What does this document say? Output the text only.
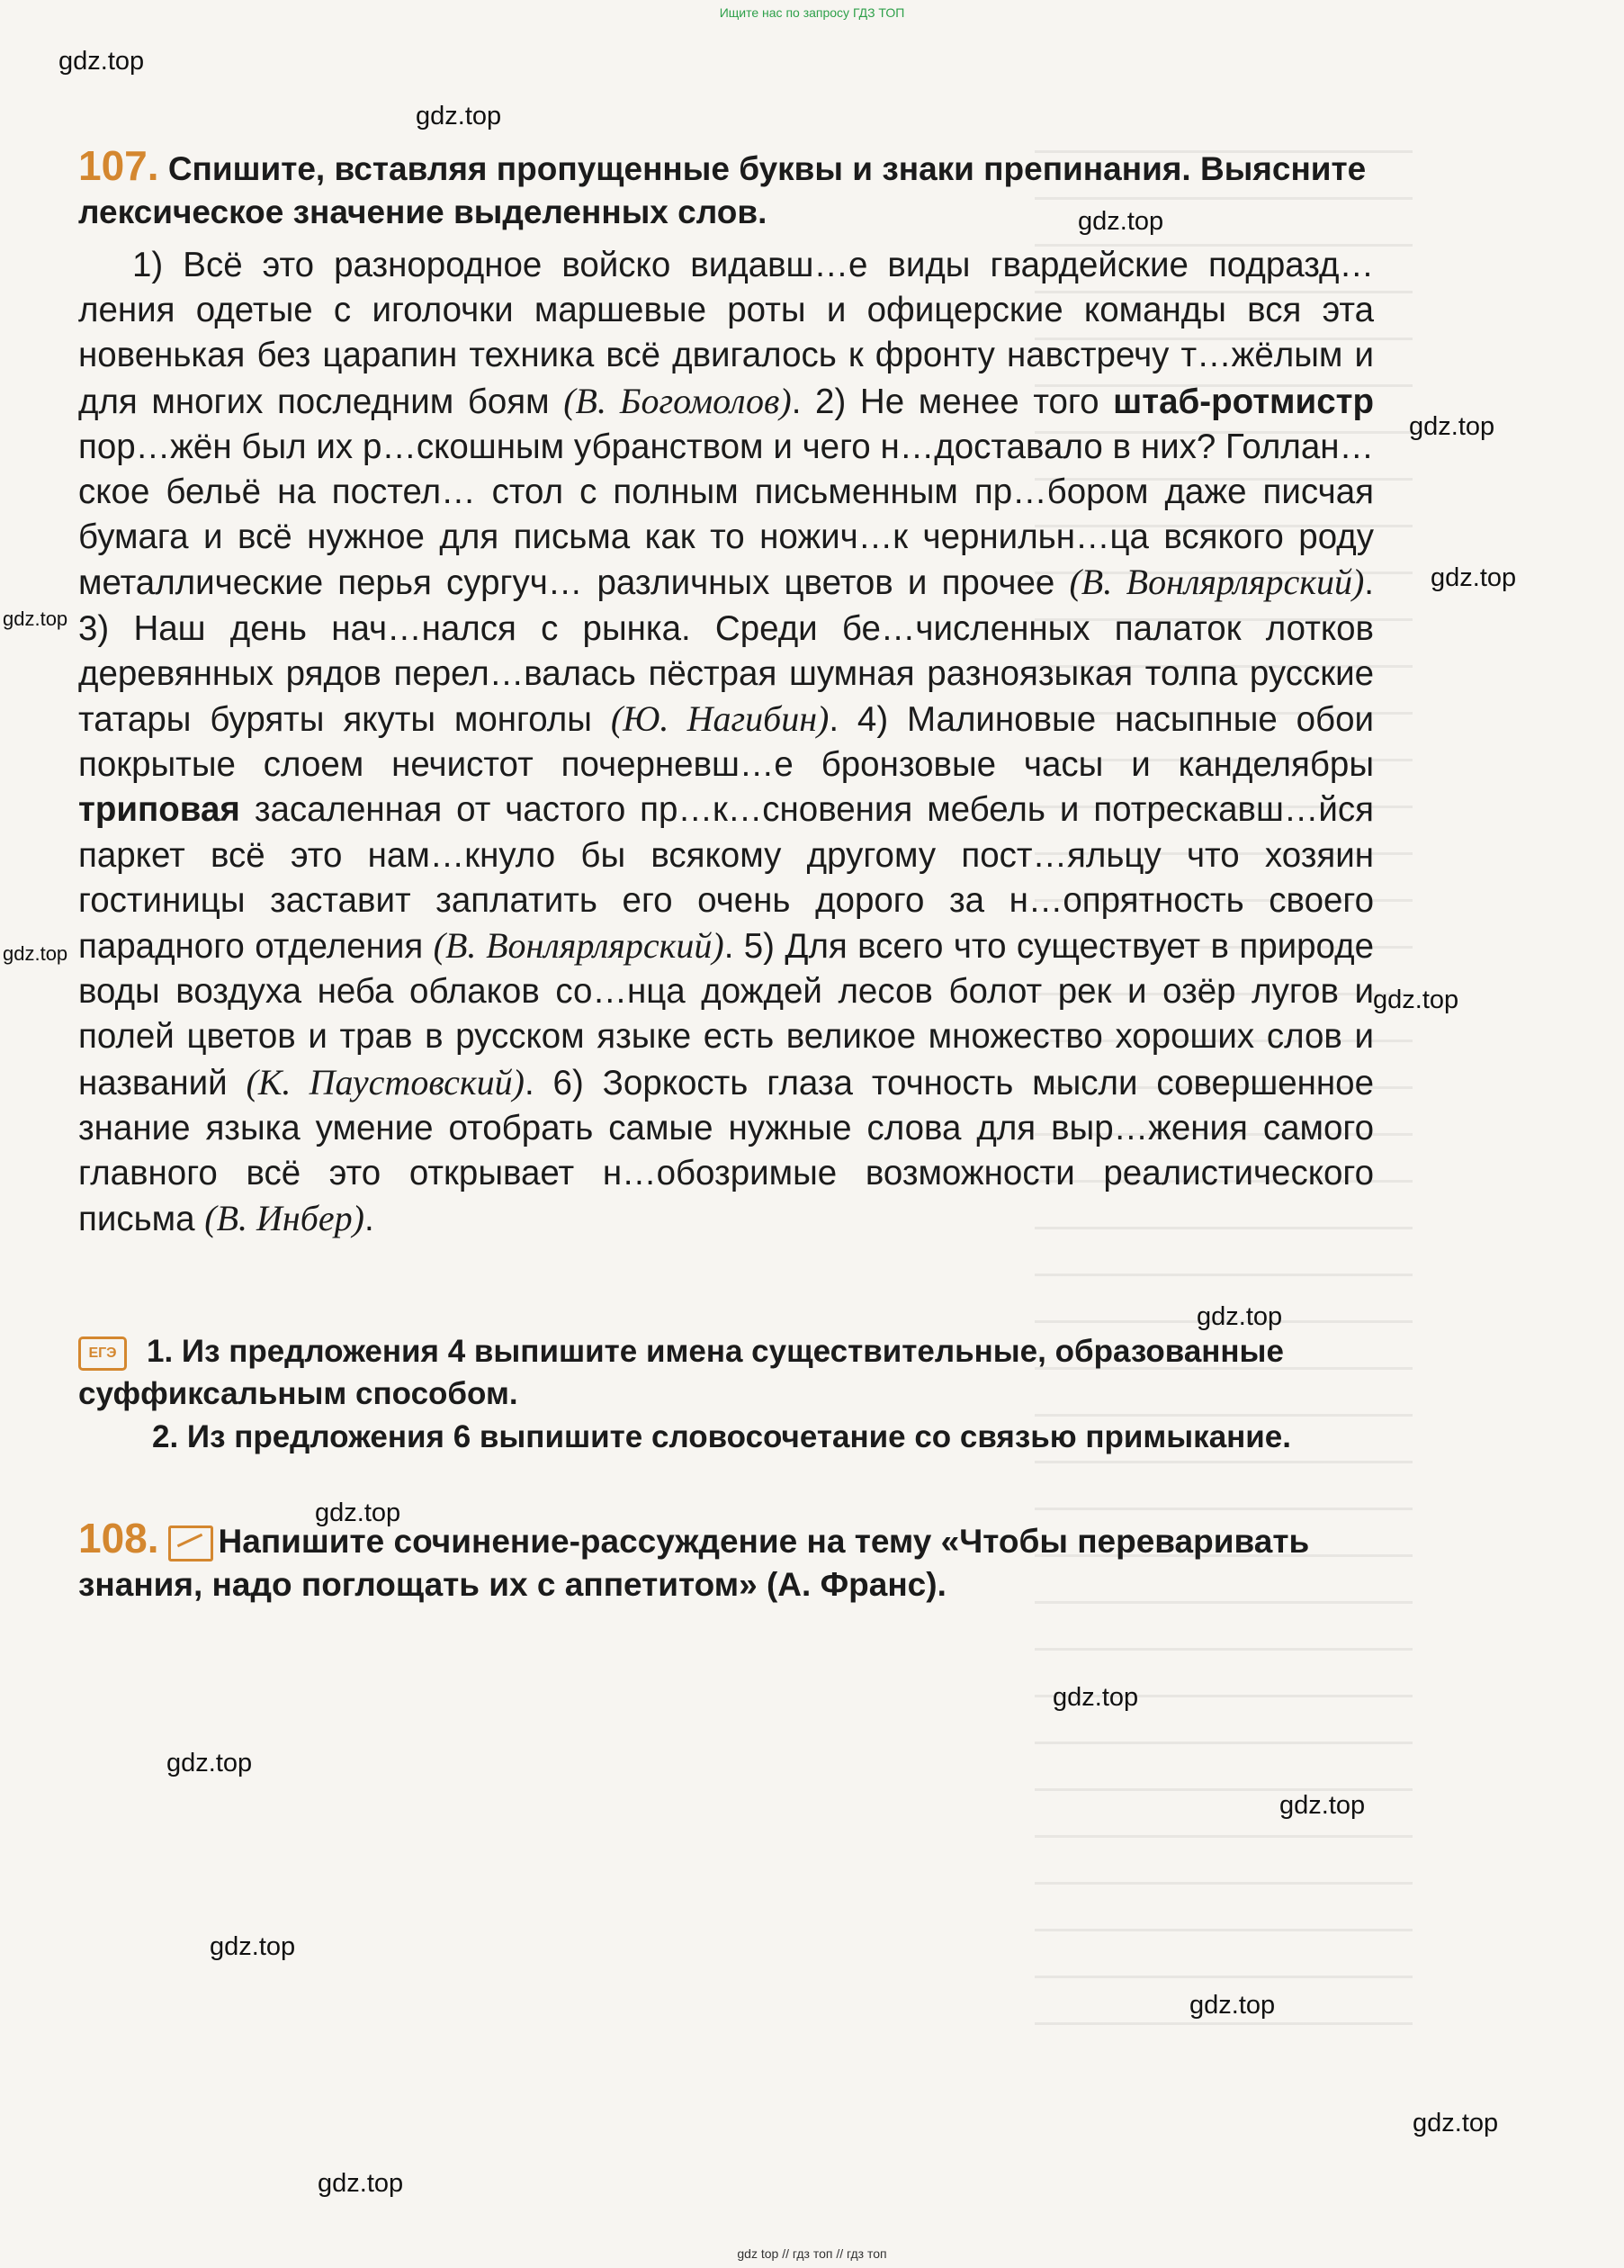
Ищите нас по запросу ГДЗ ТОП
gdz.top
gdz.top
gdz.top
gdz.top
gdz.top
gdz.top
gdz.top
gdz.top
gdz.top
gdz.top
gdz.top
gdz.top
gdz.top
gdz.top
gdz.top
gdz.top
gdz.top
107. Спишите, вставляя пропущенные буквы и знаки препинания. Выясните лексическое значение выделенных слов.

1) Всё это разнородное войско видавш…е виды гвардейские подразд…ления одетые с иголочки маршевые роты и офицерские команды вся эта новенькая без царапин техника всё двигалось к фронту навстречу т…жёлым и для многих последним боям (В. Богомолов). 2) Не менее того штаб-ротмистр пор…жён был их р…скошным убранством и чего н…доставало в них? Голлан…ское бельё на постел… стол с полным письменным пр…бором даже писчая бумага и всё нужное для письма как то ножич…к чернильн…ца всякого роду металлические перья сургуч… различных цветов и прочее (В. Вонлярлярский). 3) Наш день нач…нался с рынка. Среди бе…численных палаток лотков деревянных рядов перел…валась пёстрая шумная разноязыкая толпа русские татары буряты якуты монголы (Ю. Нагибин). 4) Малиновые насыпные обои покрытые слоем нечистот почерневш…е бронзовые часы и канделябры триповая засаленная от частого пр…к…сновения мебель и потрескавш…йся паркет всё это нам…кнуло бы всякому другому пост…яльцу что хозяин гостиницы заставит заплатить его очень дорого за н…опрятность своего парадного отделения (В. Вонлярлярский). 5) Для всего что существует в природе воды воздуха неба облаков со…нца дождей лесов болот рек и озёр лугов и полей цветов и трав в русском языке есть великое множество хороших слов и названий (К. Паустовский). 6) Зоркость глаза точность мысли совершенное знание языка умение отобрать самые нужные слова для выр…жения самого главного всё это открывает н…обозримые возможности реалистического письма (В. Инбер).

ЕГЭ 1. Из предложения 4 выпишите имена существительные, образованные суффиксальным способом.
2. Из предложения 6 выпишите словосочетание со связью примыкание.
108. Напишите сочинение-рассуждение на тему «Чтобы переваривать знания, надо поглощать их с аппетитом» (А. Франс).
gdz top // гдз топ // гдз топ
